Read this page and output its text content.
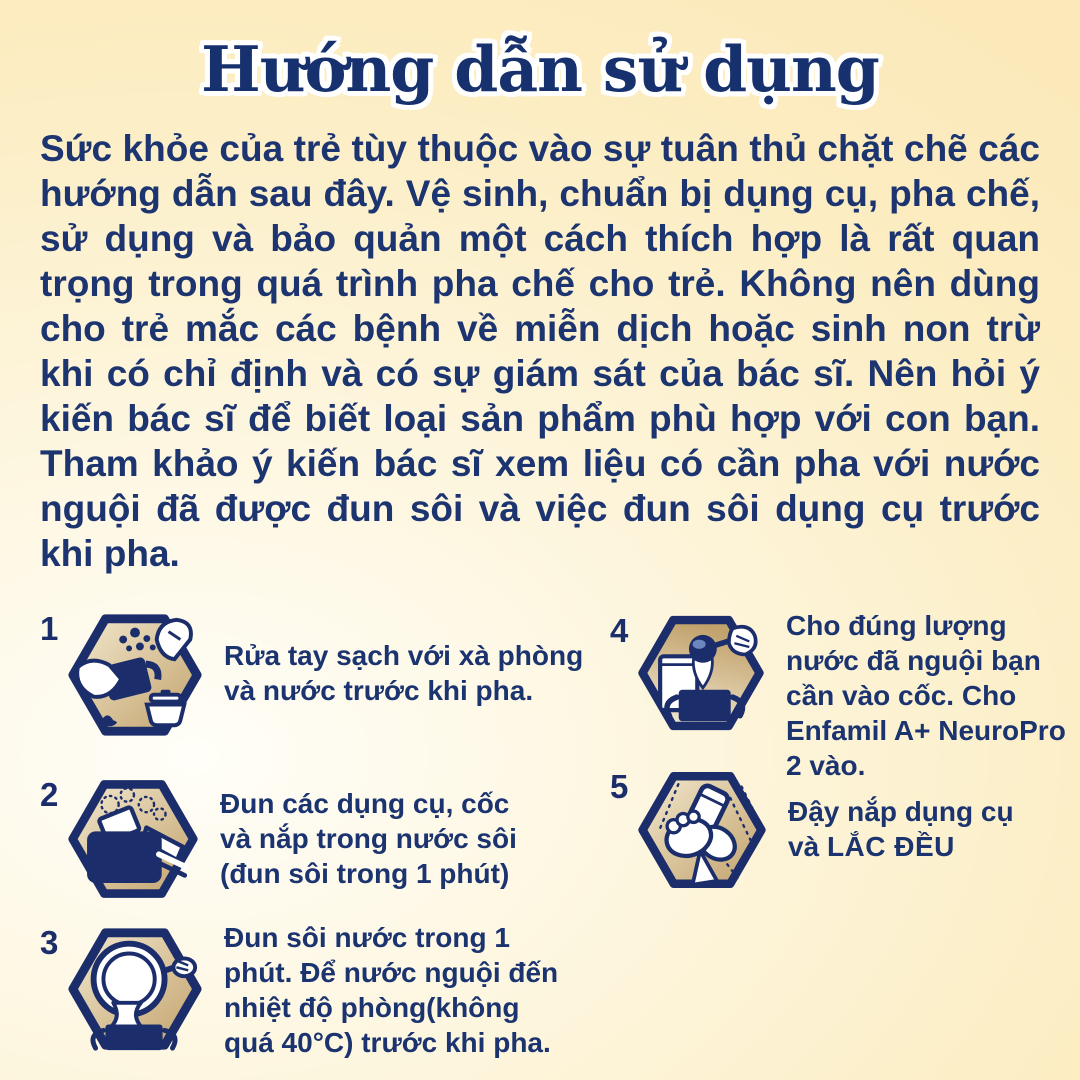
Hướng dẫn sử dụng

Sức khỏe của trẻ tùy thuộc vào sự tuân thủ chặt chẽ các hướng dẫn sau đây. Vệ sinh, chuẩn bị dụng cụ, pha chế, sử dụng và bảo quản một cách thích hợp là rất quan trọng trong quá trình pha chế cho trẻ. Không nên dùng cho trẻ mắc các bệnh về miễn dịch hoặc sinh non trừ khi có chỉ định và có sự giám sát của bác sĩ. Nên hỏi ý kiến bác sĩ để biết loại sản phẩm phù hợp với con bạn. Tham khảo ý kiến bác sĩ xem liệu có cần pha với nước nguội đã được đun sôi và việc đun sôi dụng cụ trước khi pha.

1
Rửa tay sạch với xà phòng và nước trước khi pha.
2	Đun các dụng cụ, cốc và nắp trong nước sôi (đun sôi trong 1 phút)
3	Đun sôi nước trong 1 phút. Để nước nguội đến nhiệt độ phòng(không quá 40°C) trước khi pha.
4	Cho đúng lượng nước đã nguội bạn cần vào cốc. Cho Enfamil A+ NeuroPro 2 vào.
5
Đậy nắp dụng cụ và LẮC ĐỀU
